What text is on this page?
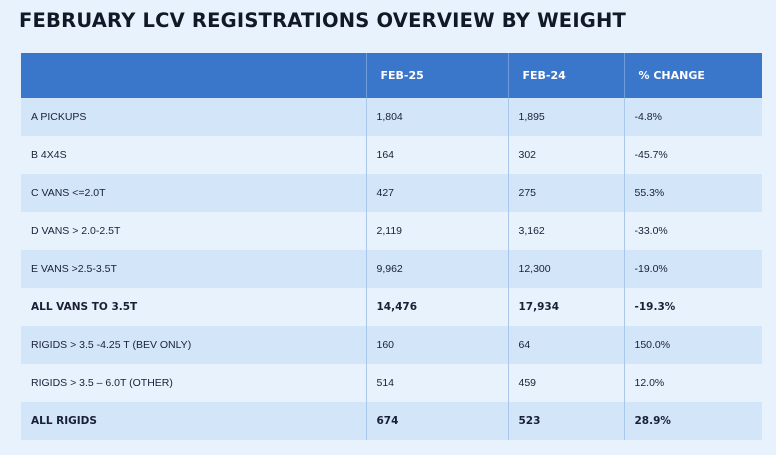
FEBRUARY LCV REGISTRATIONS OVERVIEW BY WEIGHT
	FEB-25	FEB-24	% CHANGE
A PICKUPS	1,804	1,895	-4.8%
B 4X4S	164	302	-45.7%
C VANS <=2.0T	427	275	55.3%
D VANS > 2.0-2.5T	2,119	3,162	-33.0%
E VANS >2.5-3.5T	9,962	12,300	-19.0%
ALL VANS TO 3.5T	14,476	17,934	-19.3%
RIGIDS > 3.5 -4.25 T (BEV ONLY)	160	64	150.0%
RIGIDS > 3.5 – 6.0T (OTHER)	514	459	12.0%
ALL RIGIDS	674	523	28.9%
